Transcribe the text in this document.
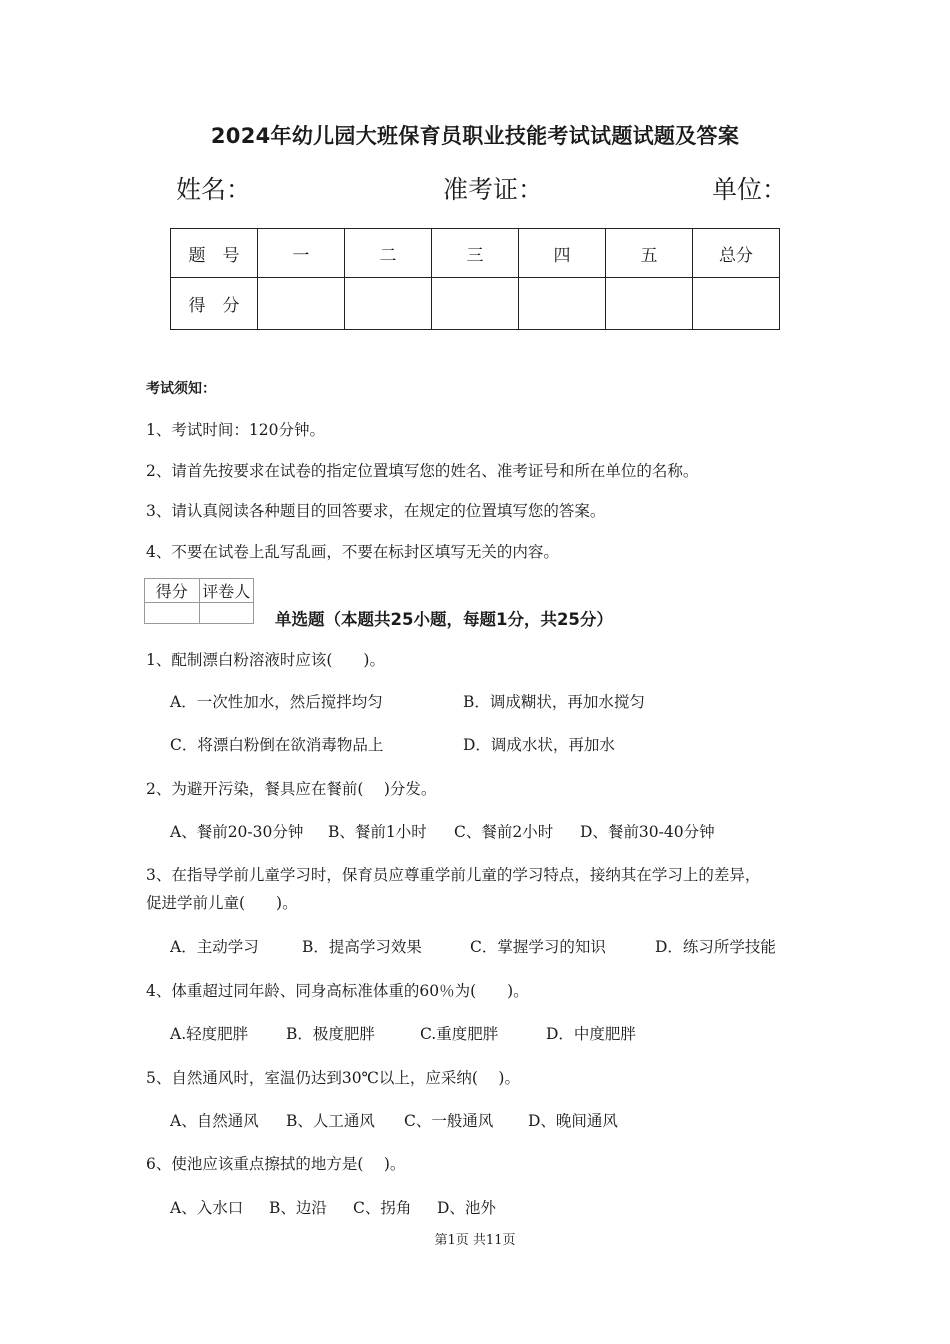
2024年幼儿园大班保育员职业技能考试试题试题及答案
姓名：	准考证：	单位：
题　号	一	二	三	四	五	总分
得　分						
考试须知：
1、考试时间：120分钟。
2、请首先按要求在试卷的指定位置填写您的姓名、准考证号和所在单位的名称。
3、请认真阅读各种题目的回答要求，在规定的位置填写您的答案。
4、不要在试卷上乱写乱画，不要在标封区填写无关的内容。
得分	评卷人

单选题（本题共25小题，每题1分，共25分）
1、配制漂白粉溶液时应该(　　)。
A．一次性加水，然后搅拌均匀	B．调成糊状，再加水搅匀
C．将漂白粉倒在欲消毒物品上	D．调成水状，再加水
2、为避开污染，餐具应在餐前(　 )分发。
A、餐前20-30分钟 B、餐前1小时 C、餐前2小时 D、餐前30-40分钟
3、在指导学前儿童学习时，保育员应尊重学前儿童的学习特点，接纳其在学习上的差异，
促进学前儿童(　　)。
A．主动学习	B．提高学习效果	C．掌握学习的知识	D．练习所学技能
4、体重超过同年龄、同身高标准体重的60％为(　　)。
A.轻度肥胖 B．极度肥胖	C.重度肥胖	D．中度肥胖
5、自然通风时，室温仍达到30℃以上，应采纳(　 )。
A、自然通风 B、人工通风 C、一般通风 D、晚间通风
6、使池应该重点擦拭的地方是(　 )。
A、入水口 B、边沿 C、拐角 D、池外
第1页 共11页
